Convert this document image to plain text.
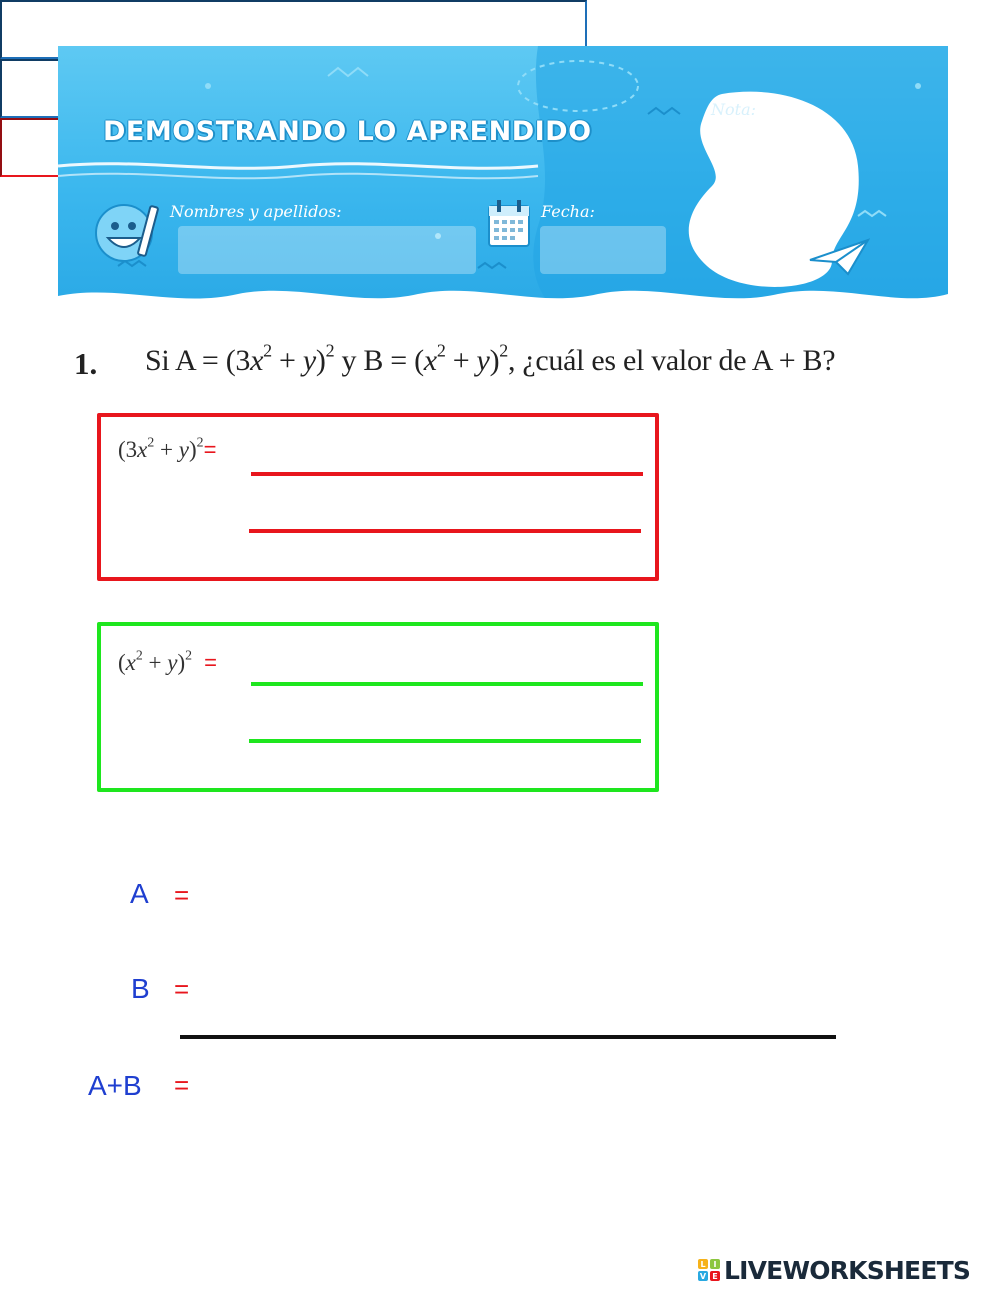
DEMOSTRANDO LO APRENDIDO
Nota:
Nombres y apellidos:	Fecha:
1. Si $A = (3x^2 + y)^2$ y $B = (x^2 + y)^2$, ¿cuál es el valor de A + B?
$(3x^2 + y)^2=$
$(x^2 + y)^2$ =
A =

B =

A+B =
L I
V E LIVEWORKSHEETS
